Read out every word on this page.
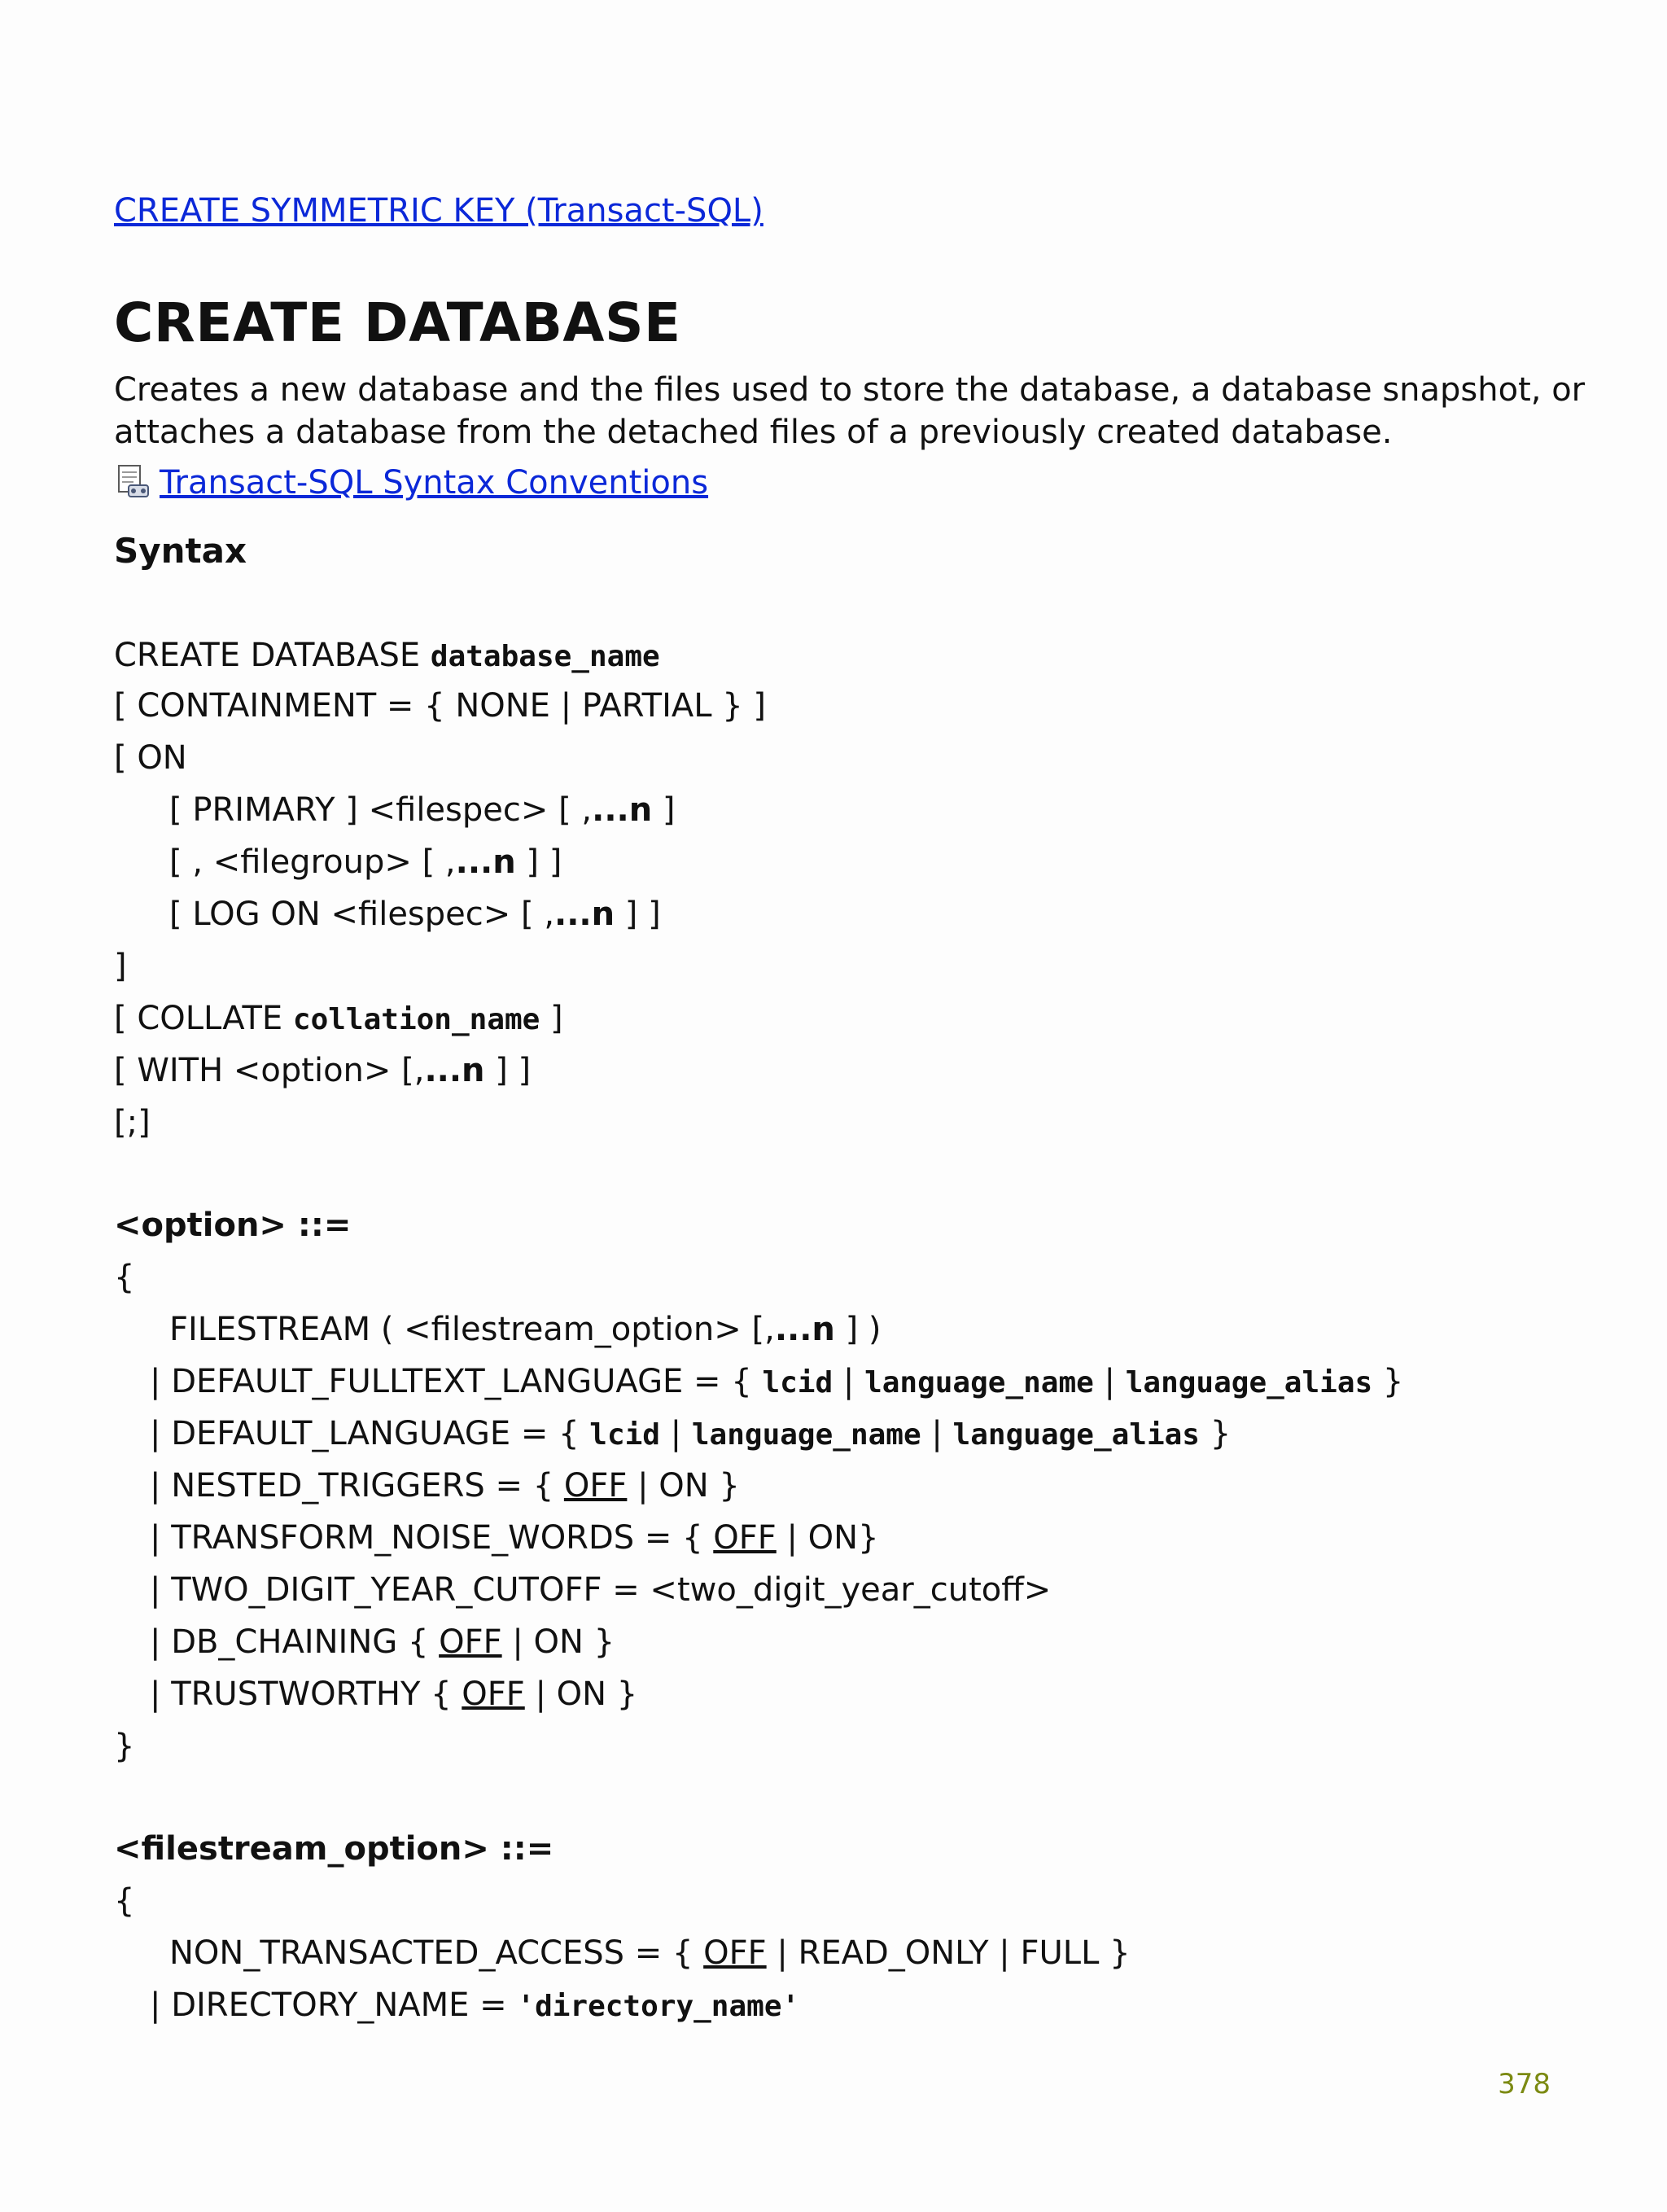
CREATE SYMMETRIC KEY (Transact-SQL)
CREATE DATABASE
Creates a new database and the files used to store the database, a database snapshot, or
attaches a database from the detached files of a previously created database.
Transact-SQL Syntax Conventions
Syntax
CREATE DATABASE database_name
[ CONTAINMENT = { NONE | PARTIAL } ]
[ ON
[ PRIMARY ] <filespec> [ ,...n ]
[ , <filegroup> [ ,...n ] ]
[ LOG ON <filespec> [ ,...n ] ]
]
[ COLLATE collation_name ]
[ WITH <option> [,...n ] ]
[;]
<option> ::=
{
FILESTREAM ( <filestream_option> [,...n ] )
| DEFAULT_FULLTEXT_LANGUAGE = { lcid | language_name | language_alias }
| DEFAULT_LANGUAGE = { lcid | language_name | language_alias }
| NESTED_TRIGGERS = { OFF | ON }
| TRANSFORM_NOISE_WORDS = { OFF | ON}
| TWO_DIGIT_YEAR_CUTOFF = <two_digit_year_cutoff>
| DB_CHAINING { OFF | ON }
| TRUSTWORTHY { OFF | ON }
}
<filestream_option> ::=
{
NON_TRANSACTED_ACCESS = { OFF | READ_ONLY | FULL }
| DIRECTORY_NAME = 'directory_name'
378
